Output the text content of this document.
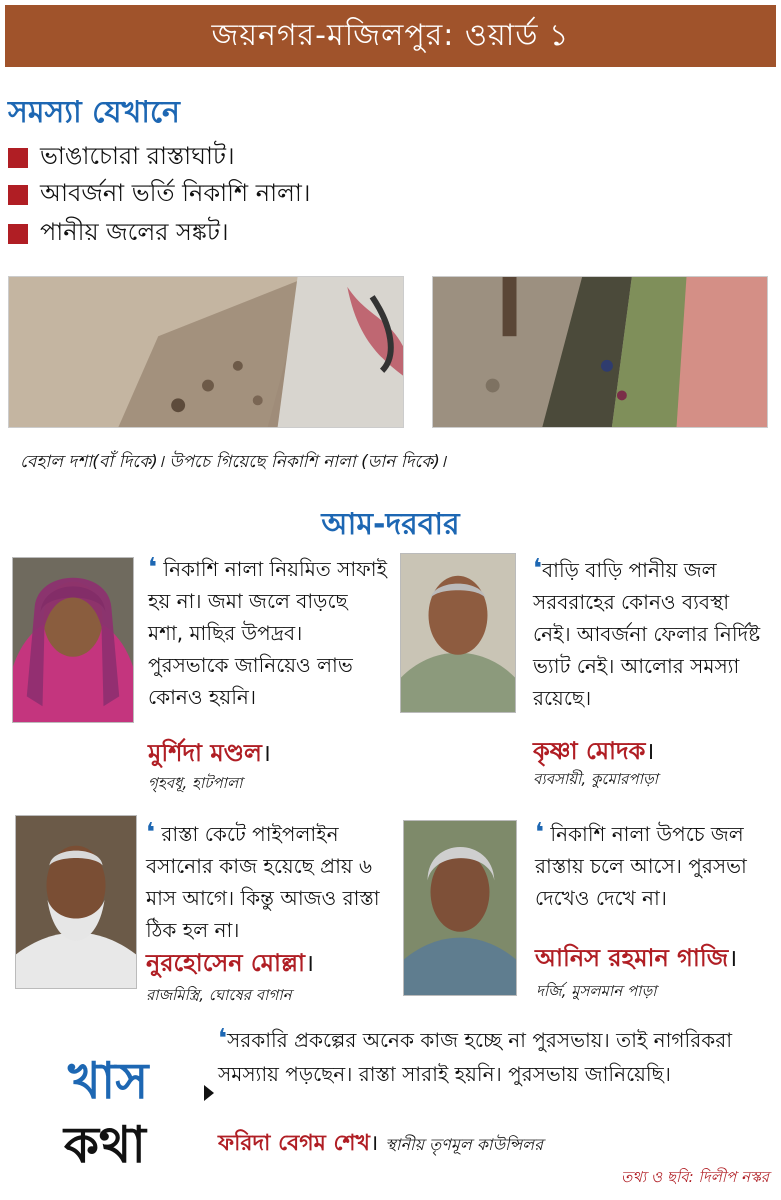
জয়নগর-মজিলপুর: ওয়ার্ড ১
সমস্যা যেখানে
ভাঙাচোরা রাস্তাঘাট।
আবর্জনা ভর্তি নিকাশি নালা।
পানীয় জলের সঙ্কট।
বেহাল দশা(বাঁ দিকে)। উপচে গিয়েছে নিকাশি নালা (ডান দিকে)।
আম-দরবার
❛ নিকাশি নালা নিয়মিত সাফাই হয় না। জমা জলে বাড়ছে মশা, মাছির উপদ্রব। পুরসভাকে জানিয়েও লাভ কোনও হয়নি।
মুর্শিদা মণ্ডল।
গৃহবধূ, হাটপালা
❛বাড়ি বাড়ি পানীয় জল সরবরাহের কোনও ব্যবস্থা নেই। আবর্জনা ফেলার নির্দিষ্ট ভ্যাট নেই। আলোর সমস্যা রয়েছে।
কৃষ্ণা মোদক।
ব্যবসায়ী, কুমোরপাড়া
❛ রাস্তা কেটে পাইপলাইন বসানোর কাজ হয়েছে প্রায় ৬ মাস আগে। কিন্তু আজও রাস্তা ঠিক হল না।
নুরহোসেন মোল্লা।
রাজমিস্ত্রি, ঘোষের বাগান
❛ নিকাশি নালা উপচে জল রাস্তায় চলে আসে। পুরসভা দেখেও দেখে না।
আনিস রহমান গাজি।
দর্জি, মুসলমান পাড়া
খাস
কথা
❛সরকারি প্রকল্পের অনেক কাজ হচ্ছে না পুরসভায়। তাই নাগরিকরা সমস্যায় পড়ছেন। রাস্তা সারাই হয়নি। পুরসভায় জানিয়েছি।
ফরিদা বেগম শেখ। স্থানীয় তৃণমূল কাউন্সিলর
তথ্য ও ছবি: দিলীপ নস্কর
